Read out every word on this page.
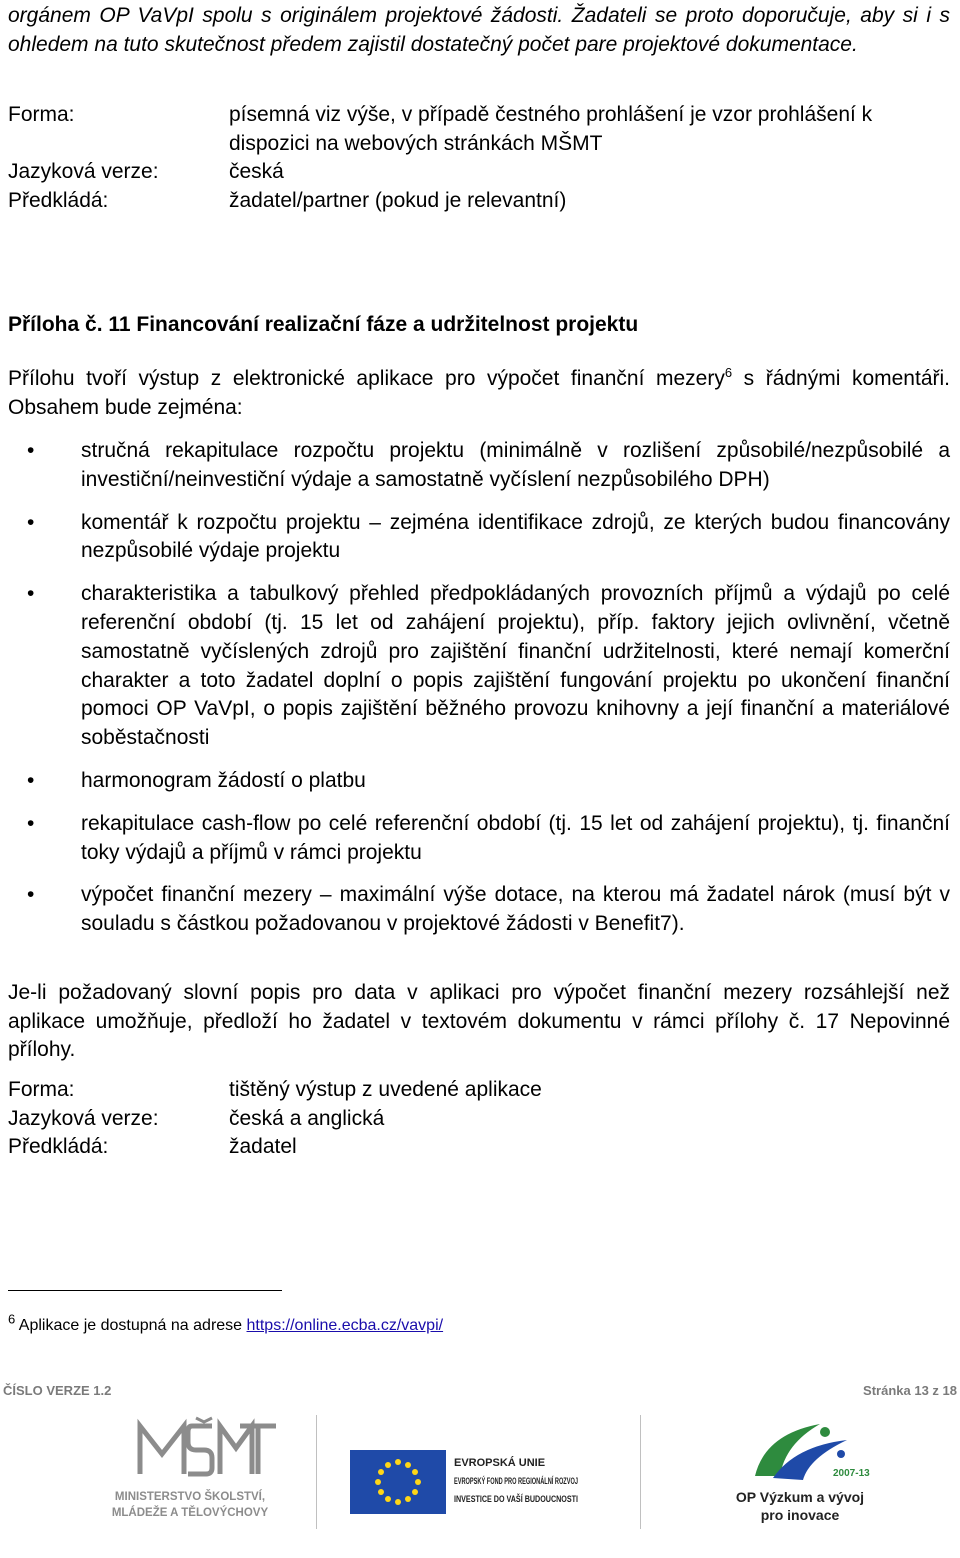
orgánem OP VaVpI spolu s originálem projektové žádosti. Žadateli se proto doporučuje, aby si i s ohledem na tuto skutečnost předem zajistil dostatečný počet pare projektové dokumentace.
Forma:	písemná viz výše, v případě čestného prohlášení je vzor prohlášení k dispozici na webových stránkách MŠMT
Jazyková verze:	česká
Předkládá:	žadatel/partner (pokud je relevantní)
Příloha č. 11 Financování realizační fáze a udržitelnost projektu
Přílohu tvoří výstup z elektronické aplikace pro výpočet finanční mezery$^6$ s řádnými komentáři. Obsahem bude zejména:
• stručná rekapitulace rozpočtu projektu (minimálně v rozlišení způsobilé/nezpůsobilé a investiční/neinvestiční výdaje a samostatně vyčíslení nezpůsobilého DPH)
• komentář k rozpočtu projektu – zejména identifikace zdrojů, ze kterých budou financovány nezpůsobilé výdaje projektu
• charakteristika a tabulkový přehled předpokládaných provozních příjmů a výdajů po celé referenční období (tj. 15 let od zahájení projektu), příp. faktory jejich ovlivnění, včetně samostatně vyčíslených zdrojů pro zajištění finanční udržitelnosti, které nemají komerční charakter a toto žadatel doplní o popis zajištění fungování projektu po ukončení finanční pomoci OP VaVpI, o popis zajištění běžného provozu knihovny a její finanční a materiálové soběstačnosti
• harmonogram žádostí o platbu
• rekapitulace cash-flow po celé referenční období (tj. 15 let od zahájení projektu), tj. finanční toky výdajů a příjmů v rámci projektu
• výpočet finanční mezery – maximální výše dotace, na kterou má žadatel nárok (musí být v souladu s částkou požadovanou v projektové žádosti v Benefit7).
Je-li požadovaný slovní popis pro data v aplikaci pro výpočet finanční mezery rozsáhlejší než aplikace umožňuje, předloží ho žadatel v textovém dokumentu v rámci přílohy č. 17 Nepovinné přílohy.
Forma:	tištěný výstup z uvedené aplikace
Jazyková verze:	česká a anglická
Předkládá:	žadatel
$^6$ Aplikace je dostupná na adrese https://online.ecba.cz/vavpi/
ČÍSLO VERZE 1.2	Stránka 13 z 18
MINISTERSTVO ŠKOLSTVÍ,
MLÁDEŽE A TĚLOVÝCHOVY
EVROPSKÁ UNIE
EVROPSKÝ FOND PRO REGIONÁLNÍ ROZVOJ
INVESTICE DO VAŠÍ BUDOUCNOSTI
2007-13
OP Výzkum a vývoj
pro inovace
